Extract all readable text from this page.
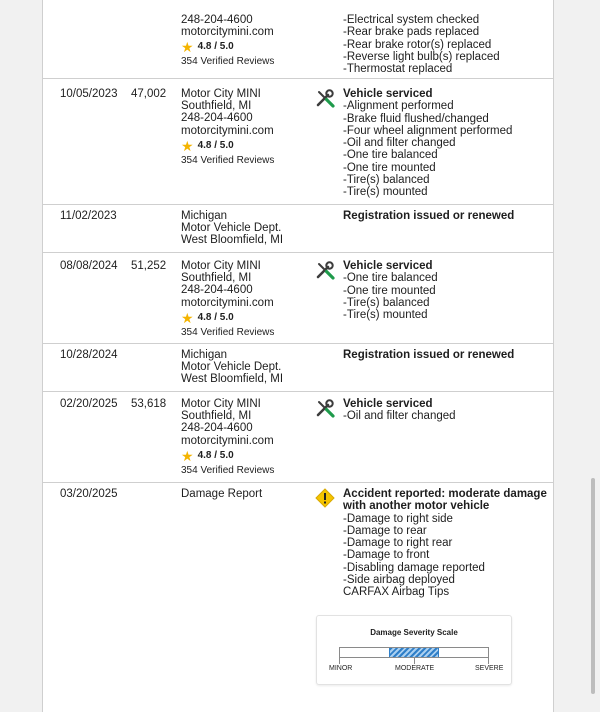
248-204-4600
motorcitymini.com
★ 4.8 / 5.0
354 Verified Reviews
- Electrical system checked
- Rear brake pads replaced
- Rear brake rotor(s) replaced
- Reverse light bulb(s) replaced
- Thermostat replaced
10/05/2023 47,002 Motor City MINI
Southfield, MI
248-204-4600
motorcitymini.com
★ 4.8 / 5.0
354 Verified Reviews
Vehicle serviced
- Alignment performed
- Brake fluid flushed/changed
- Four wheel alignment performed
- Oil and filter changed
- One tire balanced
- One tire mounted
- Tire(s) balanced
- Tire(s) mounted
11/02/2023	Michigan
Motor Vehicle Dept.
West Bloomfield, MI
Registration issued or renewed
08/08/2024 51,252 Motor City MINI
Southfield, MI
248-204-4600
motorcitymini.com
★ 4.8 / 5.0
354 Verified Reviews
Vehicle serviced
- One tire balanced
- One tire mounted
- Tire(s) balanced
- Tire(s) mounted
10/28/2024	Michigan
Motor Vehicle Dept.
West Bloomfield, MI
Registration issued or renewed
02/20/2025 53,618 Motor City MINI
Southfield, MI
248-204-4600
motorcitymini.com
★ 4.8 / 5.0
354 Verified Reviews
Vehicle serviced
- Oil and filter changed
03/20/2025	Damage Report	Accident reported: moderate damage with another motor vehicle
- Damage to right side
- Damage to rear
- Damage to right rear
- Damage to front
- Disabling damage reported
- Side airbag deployed
CARFAX Airbag Tips
Damage Severity Scale
MINOR	MODERATE	SEVERE
